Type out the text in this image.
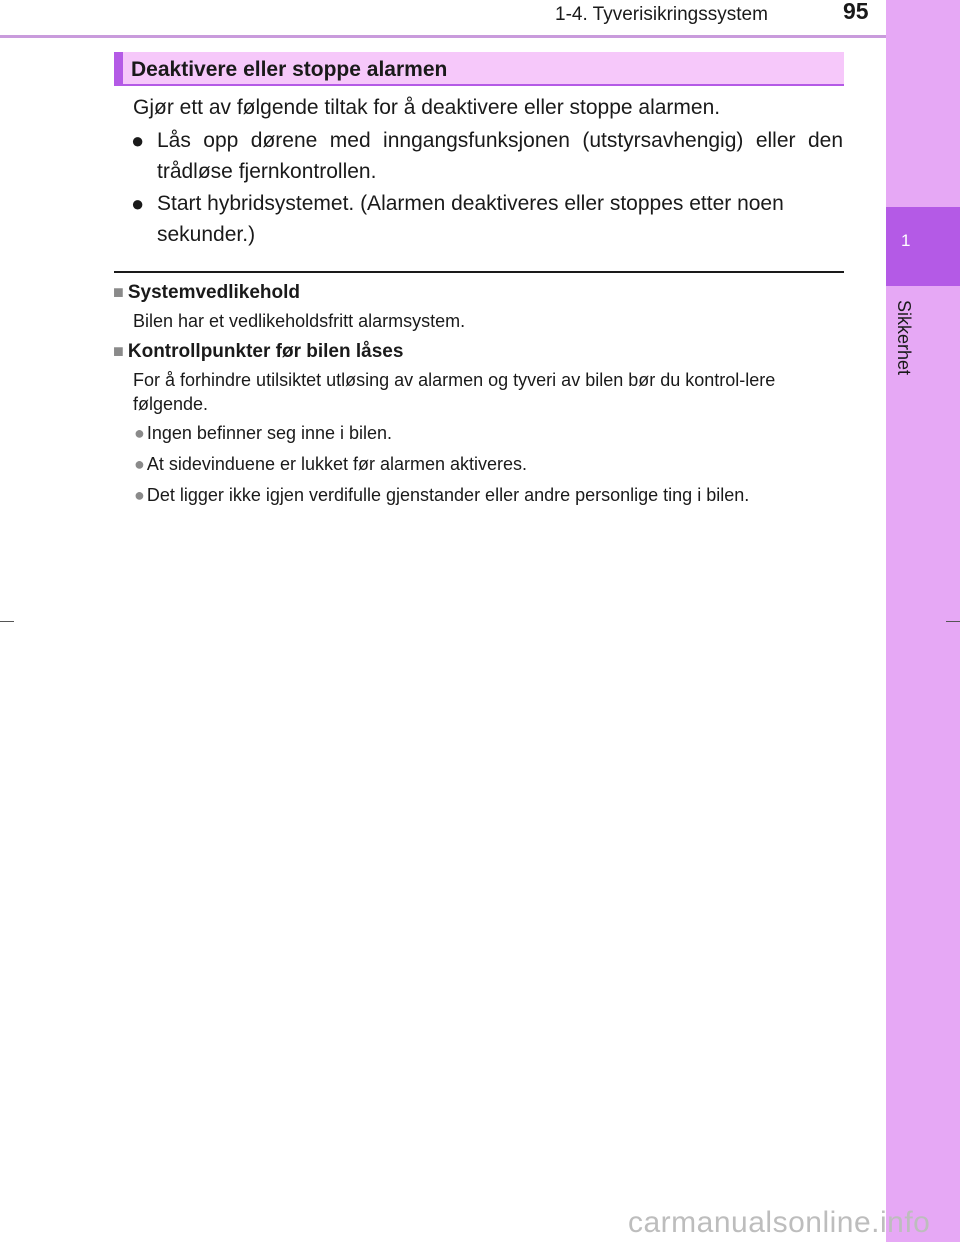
1-4. Tyverisikringssystem	95
1
Sikkerhet
Deaktivere eller stoppe alarmen
Gjør ett av følgende tiltak for å deaktivere eller stoppe alarmen.
● Lås opp dørene med inngangsfunksjonen (utstyrsavhengig) eller den trådløse fjernkontrollen.
● Start hybridsystemet. (Alarmen deaktiveres eller stoppes etter noen sekunder.)
■ Systemvedlikehold
Bilen har et vedlikeholdsfritt alarmsystem.
■ Kontrollpunkter før bilen låses
For å forhindre utilsiktet utløsing av alarmen og tyveri av bilen bør du kontrol-lere følgende.
● Ingen befinner seg inne i bilen.
● At sidevinduene er lukket før alarmen aktiveres.
● Det ligger ikke igjen verdifulle gjenstander eller andre personlige ting i bilen.
carmanualsonline.info
